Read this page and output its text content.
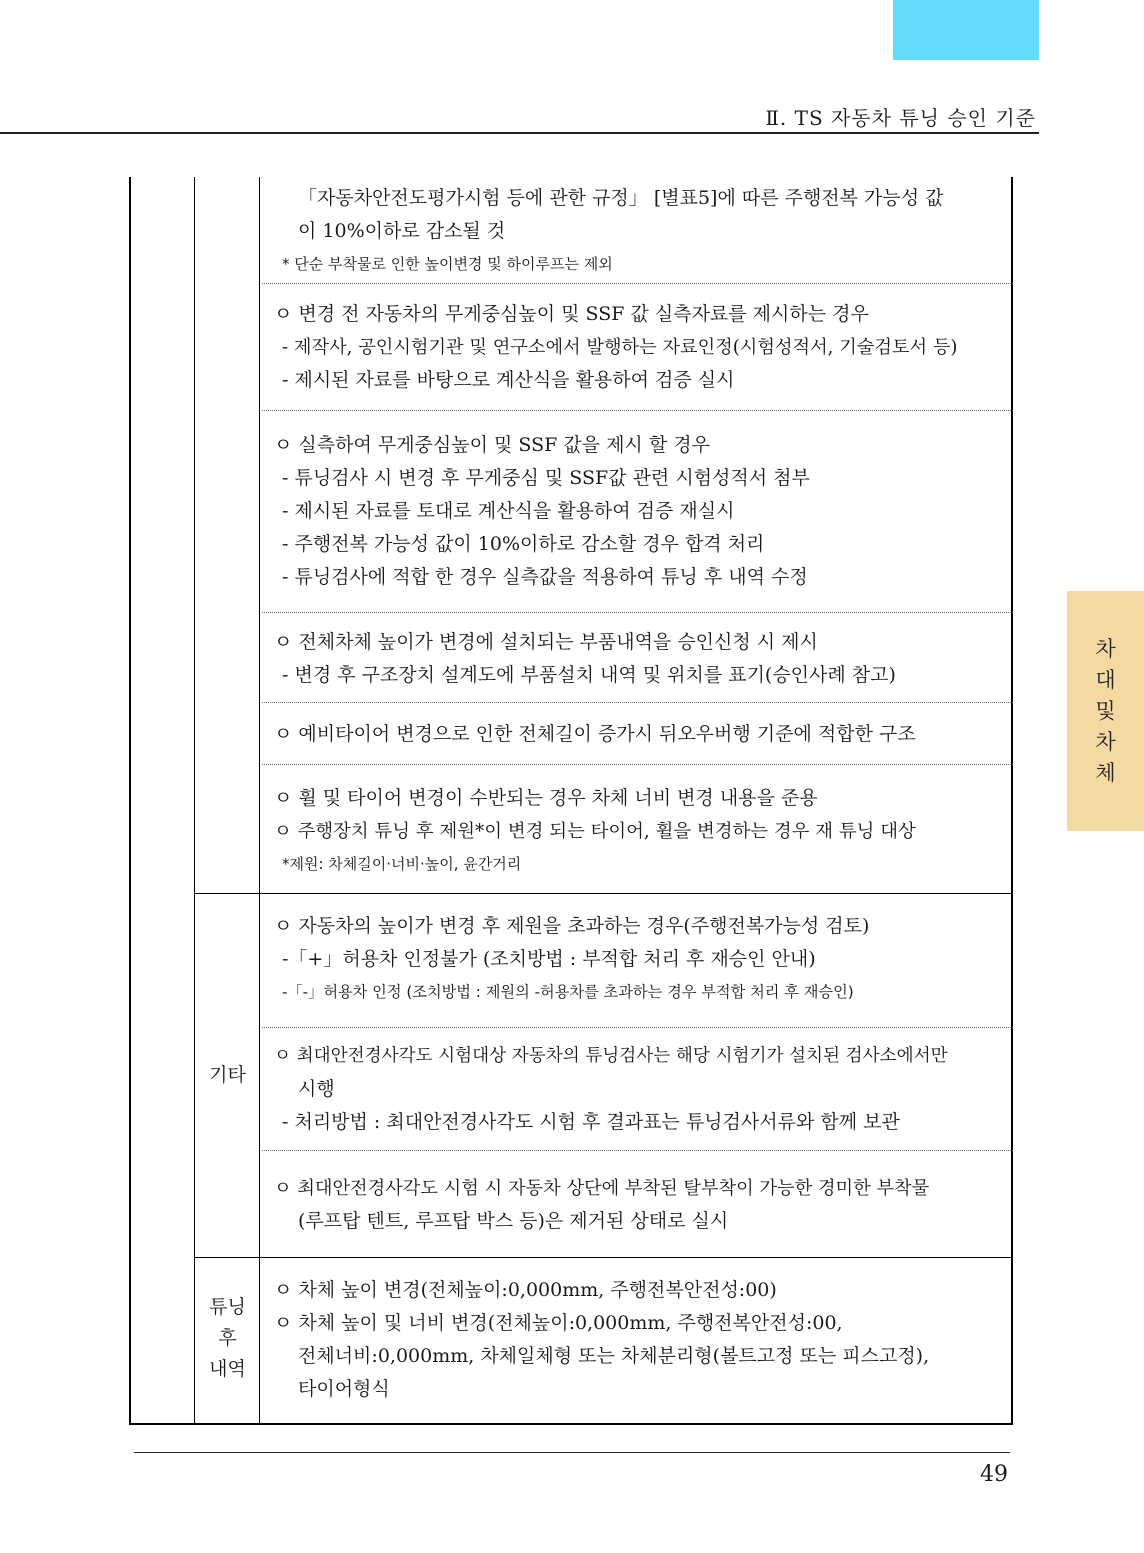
Ⅱ. TS 자동차 튜닝 승인 기준
차
대
및
차
체
기타
튜닝
후
내역
「자동차안전도평가시험 등에 관한 규정」 [별표5]에 따른 주행전복 가능성 값
이 10%이하로 감소될 것
* 단순 부착물로 인한 높이변경 및 하이루프는 제외
ㅇ 변경 전 자동차의 무게중심높이 및 SSF 값 실측자료를 제시하는 경우
- 제작사, 공인시험기관 및 연구소에서 발행하는 자료인정(시험성적서, 기술검토서 등)
- 제시된 자료를 바탕으로 계산식을 활용하여 검증 실시
ㅇ 실측하여 무게중심높이 및 SSF 값을 제시 할 경우
- 튜닝검사 시 변경 후 무게중심 및 SSF값 관련 시험성적서 첨부
- 제시된 자료를 토대로 계산식을 활용하여 검증 재실시
- 주행전복 가능성 값이 10%이하로 감소할 경우 합격 처리
- 튜닝검사에 적합 한 경우 실측값을 적용하여 튜닝 후 내역 수정
ㅇ 전체차체 높이가 변경에 설치되는 부품내역을 승인신청 시 제시
- 변경 후 구조장치 설계도에 부품설치 내역 및 위치를 표기(승인사례 참고)
ㅇ 예비타이어 변경으로 인한 전체길이 증가시 뒤오우버행 기준에 적합한 구조
ㅇ 휠 및 타이어 변경이 수반되는 경우 차체 너비 변경 내용을 준용
ㅇ 주행장치 튜닝 후 제원*이 변경 되는 타이어, 휠을 변경하는 경우 재 튜닝 대상
*제원: 차체길이·너비·높이, 윤간거리
ㅇ 자동차의 높이가 변경 후 제원을 초과하는 경우(주행전복가능성 검토)
-「+」허용차 인정불가 (조치방법 : 부적합 처리 후 재승인 안내)
-「-」허용차 인정 (조치방법 : 제원의 -허용차를 초과하는 경우 부적합 처리 후 재승인)
ㅇ 최대안전경사각도 시험대상 자동차의 튜닝검사는 해당 시험기가 설치된 검사소에서만
시행
- 처리방법 : 최대안전경사각도 시험 후 결과표는 튜닝검사서류와 함께 보관
ㅇ 최대안전경사각도 시험 시 자동차 상단에 부착된 탈부착이 가능한 경미한 부착물
(루프탑 텐트, 루프탑 박스 등)은 제거된 상태로 실시
ㅇ 차체 높이 변경(전체높이:0,000mm, 주행전복안전성:00)
ㅇ 차체 높이 및 너비 변경(전체높이:0,000mm, 주행전복안전성:00,
전체너비:0,000mm, 차체일체형 또는 차체분리형(볼트고정 또는 피스고정),
타이어형식
49
